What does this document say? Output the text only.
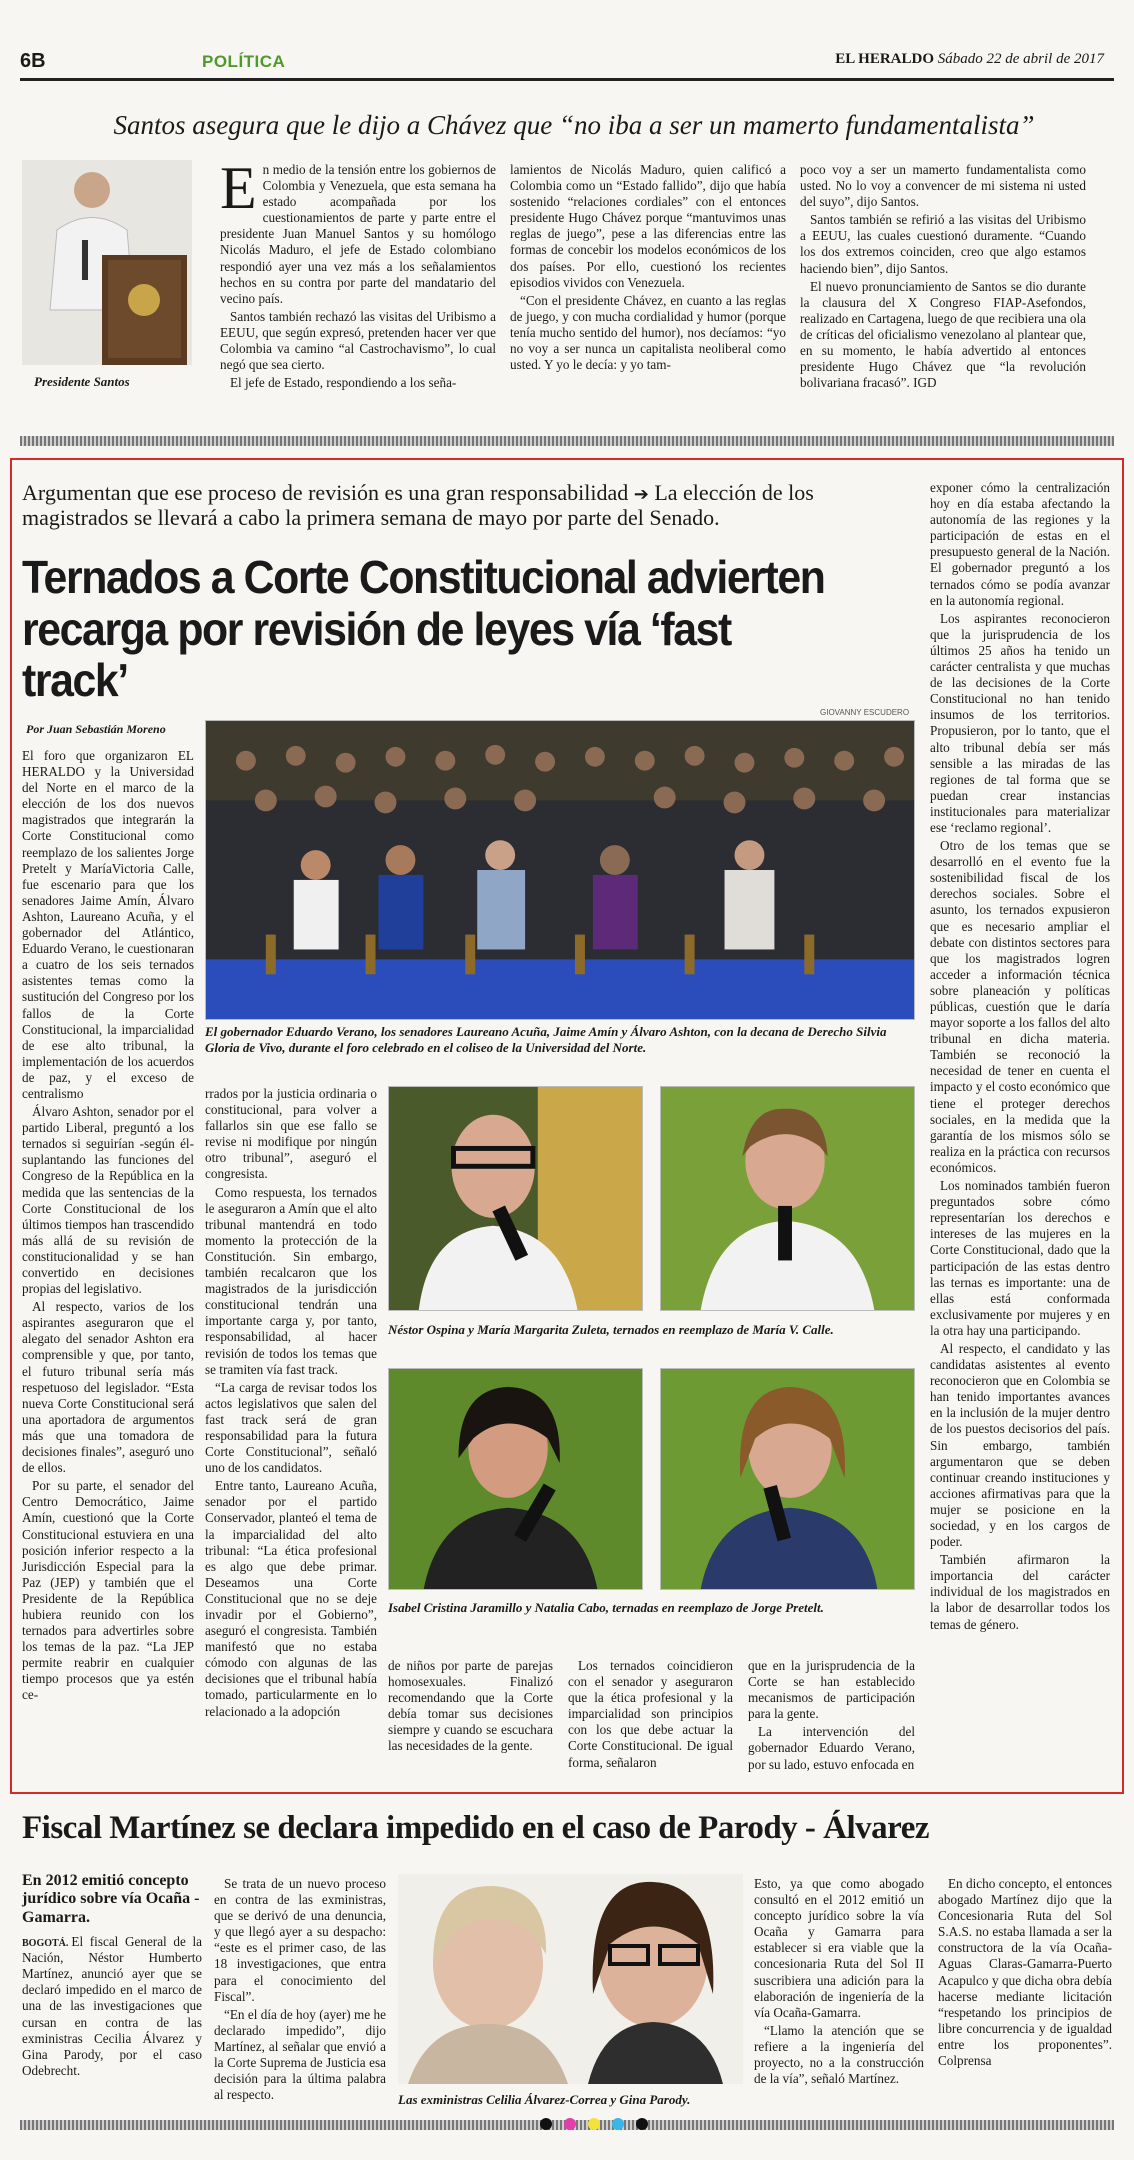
6B	POLÍTICA	EL HERALDO Sábado 22 de abril de 2017
Santos asegura que le dijo a Chávez que “no iba a ser un mamerto fundamentalista”
Presidente Santos
E n medio de la tensión entre los gobiernos de Colombia y Venezuela, que esta semana ha estado acompañada por los cuestionamientos de parte y parte entre el presidente Juan Manuel Santos y su homólogo Nicolás Maduro, el jefe de Estado colombiano respondió ayer una vez más a los señalamientos hechos en su contra por parte del mandatario del vecino país.

Santos también rechazó las visitas del Uribismo a EEUU, que según expresó, pretenden hacer ver que Colombia va camino “al Castrochavismo”, lo cual negó que sea cierto.

El jefe de Estado, respondiendo a los seña-

lamientos de Nicolás Maduro, quien calificó a Colombia como un “Estado fallido”, dijo que había sostenido “relaciones cordiales” con el entonces presidente Hugo Chávez porque “mantuvimos unas reglas de juego”, pese a las diferencias entre las formas de concebir los modelos económicos de los dos países. Por ello, cuestionó los recientes episodios vividos con Venezuela.

“Con el presidente Chávez, en cuanto a las reglas de juego, y con mucha cordialidad y humor (porque tenía mucho sentido del humor), nos decíamos: “yo no voy a ser nunca un capitalista neoliberal como usted. Y yo le decía: y yo tam-

poco voy a ser un mamerto fundamentalista como usted. No lo voy a convencer de mi sistema ni usted del suyo”, dijo Santos.

Santos también se refirió a las visitas del Uribismo a EEUU, las cuales cuestionó duramente. “Cuando los dos extremos coinciden, creo que algo estamos haciendo bien”, dijo Santos.

El nuevo pronunciamiento de Santos se dio durante la clausura del X Congreso FIAP-Asefondos, realizado en Cartagena, luego de que recibiera una ola de críticas del oficialismo venezolano al plantear que, en su momento, le había advertido al entonces presidente Hugo Chávez que “la revolución bolivariana fracasó”. IGD

Argumentan que ese proceso de revisión es una gran responsabilidad ➔ La elección de los magistrados se llevará a cabo la primera semana de mayo por parte del Senado.
Ternados a Corte Constitucional advierten recarga por revisión de leyes vía ‘fast track’
Por Juan Sebastián Moreno
GIOVANNY ESCUDERO
El gobernador Eduardo Verano, los senadores Laureano Acuña, Jaime Amín y Álvaro Ashton, con la decana de Derecho Silvia Gloria de Vivo, durante el foro celebrado en el coliseo de la Universidad del Norte.

El foro que organizaron EL HERALDO y la Universidad del Norte en el marco de la elección de los dos nuevos magistrados que integrarán la Corte Constitucional como reemplazo de los salientes Jorge Pretelt y MaríaVictoria Calle, fue escenario para que los senadores Jaime Amín, Álvaro Ashton, Laureano Acuña, y el gobernador del Atlántico, Eduardo Verano, le cuestionaran a cuatro de los seis ternados asistentes temas como la sustitución del Congreso por los fallos de la Corte Constitucional, la imparcialidad de ese alto tribunal, la implementación de los acuerdos de paz, y el exceso de centralismo

Álvaro Ashton, senador por el partido Liberal, preguntó a los ternados si seguirían -según él- suplantando las funciones del Congreso de la República en la medida que las sentencias de la Corte Constitucional de los últimos tiempos han trascendido más allá de su revisión de constitucionalidad y se han convertido en decisiones propias del legislativo.

Al respecto, varios de los aspirantes aseguraron que el alegato del senador Ashton era comprensible y que, por tanto, el futuro tribunal sería más respetuoso del legislador. “Esta nueva Corte Constitucional será una aportadora de argumentos más que una tomadora de decisiones finales”, aseguró uno de ellos.

Por su parte, el senador del Centro Democrático, Jaime Amín, cuestionó que la Corte Constitucional estuviera en una posición inferior respecto a la Jurisdicción Especial para la Paz (JEP) y también que el Presidente de la República hubiera reunido con los ternados para advertirles sobre los temas de la paz. “La JEP permite reabrir en cualquier tiempo procesos que ya estén ce-

rrados por la justicia ordinaria o constitucional, para volver a fallarlos sin que ese fallo se revise ni modifique por ningún otro tribunal”, aseguró el congresista.

Como respuesta, los ternados le aseguraron a Amín que el alto tribunal mantendrá en todo momento la protección de la Constitución. Sin embargo, también recalcaron que los magistrados de la jurisdicción constitucional tendrán una importante carga y, por tanto, responsabilidad, al hacer revisión de todos los temas que se tramiten vía fast track.

“La carga de revisar todos los actos legislativos que salen del fast track será de gran responsabilidad para la futura Corte Constitucional”, señaló uno de los candidatos.

Entre tanto, Laureano Acuña, senador por el partido Conservador, planteó el tema de la imparcialidad del alto tribunal: “La ética profesional es algo que debe primar. Deseamos una Corte Constitucional que no se deje invadir por el Gobierno”, aseguró el congresista. También manifestó que no estaba cómodo con algunas de las decisiones que el tribunal había tomado, particularmente en lo relacionado a la adopción

Néstor Ospina y María Margarita Zuleta, ternados en reemplazo de María V. Calle.
Isabel Cristina Jaramillo y Natalia Cabo, ternadas en reemplazo de Jorge Pretelt.

de niños por parte de parejas homosexuales. Finalizó recomendando que la Corte debía tomar sus decisiones siempre y cuando se escuchara las necesidades de la gente.

Los ternados coincidieron con el senador y aseguraron que la ética profesional y la imparcialidad son principios con los que debe actuar la Corte Constitucional. De igual forma, señalaron

que en la jurisprudencia de la Corte se han establecido mecanismos de participación para la gente.

La intervención del gobernador Eduardo Verano, por su lado, estuvo enfocada en

exponer cómo la centralización hoy en día estaba afectando la autonomía de las regiones y la participación de estas en el presupuesto general de la Nación. El gobernador preguntó a los ternados cómo se podía avanzar en la autonomía regional.

Los aspirantes reconocieron que la jurisprudencia de los últimos 25 años ha tenido un carácter centralista y que muchas de las decisiones de la Corte Constitucional no han tenido insumos de los territorios. Propusieron, por lo tanto, que el alto tribunal debía ser más sensible a las miradas de las regiones de tal forma que se puedan crear instancias institucionales para materializar ese ‘reclamo regional’.

Otro de los temas que se desarrolló en el evento fue la sostenibilidad fiscal de los derechos sociales. Sobre el asunto, los ternados expusieron que es necesario ampliar el debate con distintos sectores para que los magistrados logren acceder a información técnica sobre planeación y políticas públicas, cuestión que le daría mayor soporte a los fallos del alto tribunal en dicha materia. También se reconoció la necesidad de tener en cuenta el impacto y el costo económico que tiene el proteger derechos sociales, en la medida que la garantía de los mismos sólo se realiza en la práctica con recursos económicos.

Los nominados también fueron preguntados sobre cómo representarían los derechos e intereses de las mujeres en la Corte Constitucional, dado que la participación de las estas dentro las ternas es importante: una de ellas está conformada exclusivamente por mujeres y en la otra hay una participando.

Al respecto, el candidato y las candidatas asistentes al evento reconocieron que en Colombia se han tenido importantes avances en la inclusión de la mujer dentro de los puestos decisorios del país. Sin embargo, también argumentaron que se deben continuar creando instituciones y acciones afirmativas para que la mujer se posicione en la sociedad, y en los cargos de poder.

También afirmaron la importancia del carácter individual de los magistrados en la labor de desarrollar todos los temas de género.

Fiscal Martínez se declara impedido en el caso de Parody - Álvarez
En 2012 emitió concepto jurídico sobre vía Ocaña - Gamarra.

BOGOTÁ. El fiscal General de la Nación, Néstor Humberto Martínez, anunció ayer que se declaró impedido en el marco de una de las investigaciones que cursan en contra de las exministras Cecilia Álvarez y Gina Parody, por el caso Odebrecht.

Se trata de un nuevo proceso en contra de las exministras, que se derivó de una denuncia, y que llegó ayer a su despacho: “este es el primer caso, de las 18 investigaciones, que entra para el conocimiento del Fiscal”.

“En el día de hoy (ayer) me he declarado impedido”, dijo Martínez, al señalar que envió a la Corte Suprema de Justicia esa decisión para la última palabra al respecto.	Las exministras Celilia Álvarez-Correa y Gina Parody.

Esto, ya que como abogado consultó en el 2012 emitió un concepto jurídico sobre la vía Ocaña y Gamarra para establecer si era viable que la concesionaria Ruta del Sol II suscribiera una adición para la elaboración de ingeniería de la vía Ocaña-Gamarra.

“Llamo la atención que se refiere a la ingeniería del proyecto, no a la construcción de la vía”, señaló Martínez.

En dicho concepto, el entonces abogado Martínez dijo que la Concesionaria Ruta del Sol S.A.S. no estaba llamada a ser la constructora de la vía Ocaña-Aguas Claras-Gamarra-Puerto Acapulco y que dicha obra debía hacerse mediante licitación “respetando los principios de libre concurrencia y de igualdad entre los proponentes”. Colprensa
